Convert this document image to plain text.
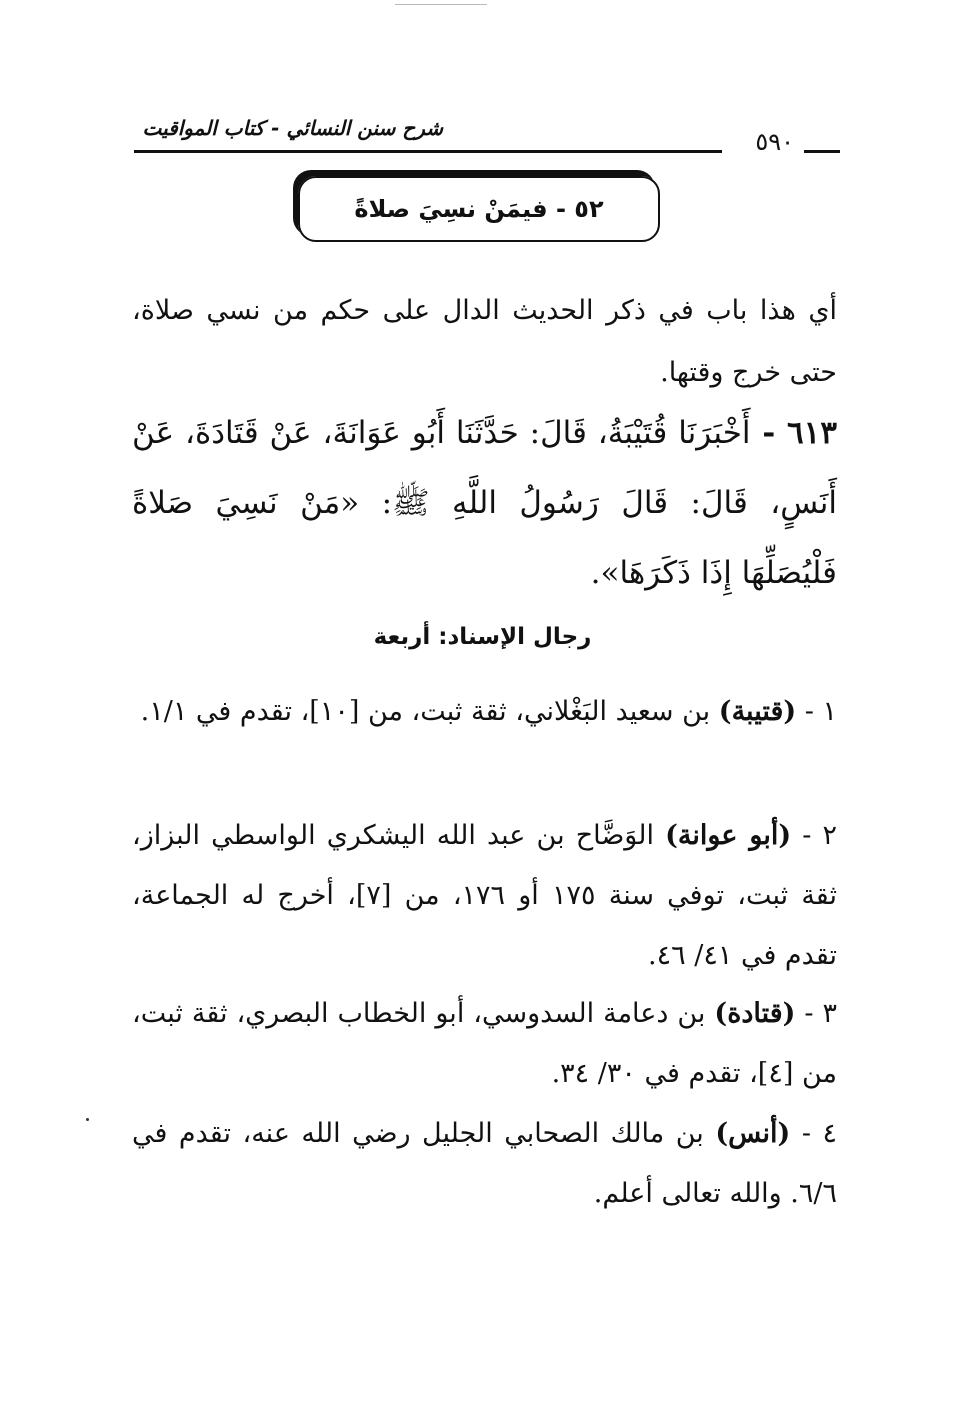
شرح سنن النسائي - كتاب المواقيت	٥٩٠
٥٢ - فيمَنْ نسِيَ صلاةً
أي هذا باب في ذكر الحديث الدال على حكم من نسي صلاة، حتى خرج وقتها.
٦١٣ - أَخْبَرَنَا قُتَيْبَةُ، قَالَ: حَدَّثَنَا أَبُو عَوَانَةَ، عَنْ قَتَادَةَ، عَنْ أَنَسٍ، قَالَ: قَالَ رَسُولُ اللَّهِ ﷺ: «مَنْ نَسِيَ صَلاةً فَلْيُصَلِّهَا إِذَا ذَكَرَهَا».
رجال الإسناد: أربعة
١ - (قتيبة) بن سعيد البَغْلاني، ثقة ثبت، من [١٠]، تقدم في ١/١.
٢ - (أبو عوانة) الوَضَّاح بن عبد الله اليشكري الواسطي البزاز، ثقة ثبت، توفي سنة ١٧٥ أو ١٧٦، من [٧]، أخرج له الجماعة، تقدم في ٤١/ ٤٦.
٣ - (قتادة) بن دعامة السدوسي، أبو الخطاب البصري، ثقة ثبت، من [٤]، تقدم في ٣٠/ ٣٤.
٤ - (أنس) بن مالك الصحابي الجليل رضي الله عنه، تقدم في ٦/٦. والله تعالى أعلم.
